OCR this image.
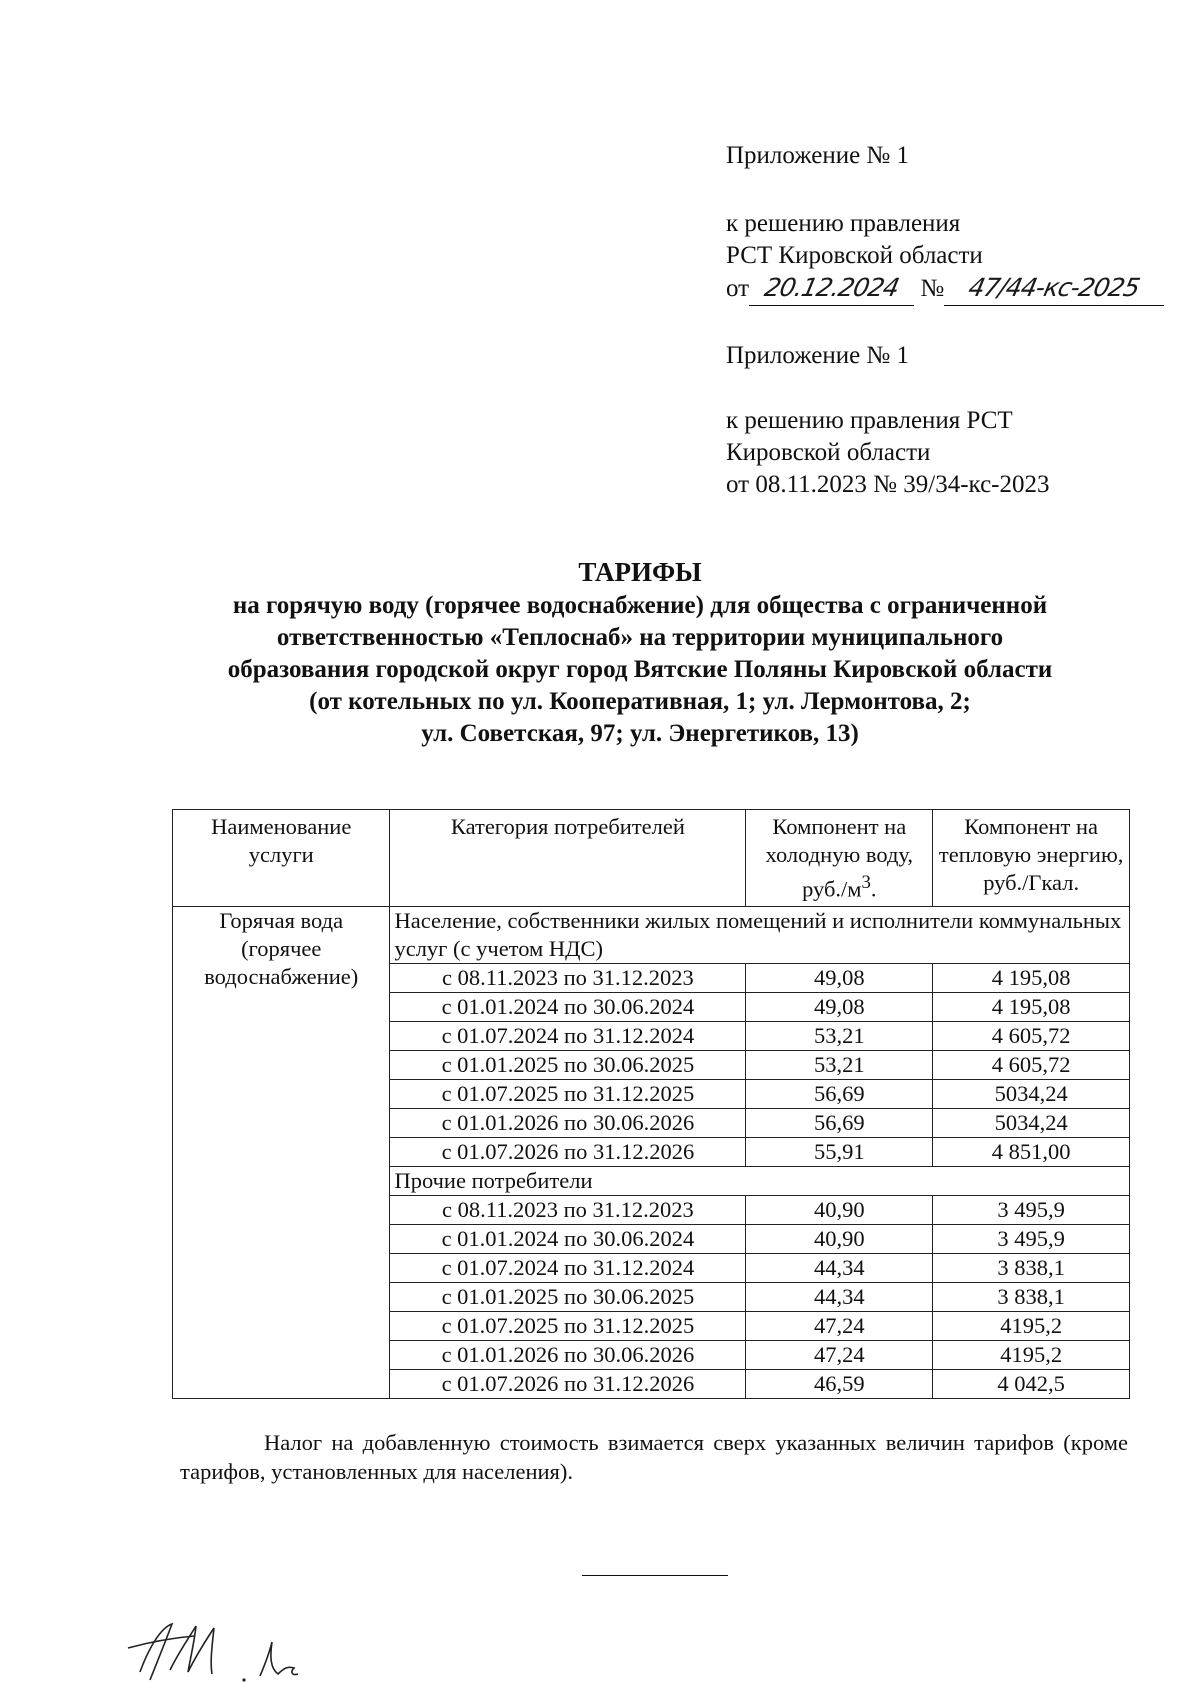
Приложение № 1

к решению правления

РСТ Кировской области

от 20.12.2024 № 47/44-кс-2025

Приложение № 1

к решению правления РСТ

Кировской области

от 08.11.2023 № 39/34-кс-2023

ТАРИФЫ

на горячую воду (горячее водоснабжение) для общества с ограниченной

ответственностью «Теплоснаб» на территории муниципального

образования городской округ город Вятские Поляны Кировской области

(от котельных по ул. Кооперативная, 1; ул. Лермонтова, 2;

ул. Советская, 97; ул. Энергетиков, 13)

Наименование услуги	Категория потребителей	Компонент на холодную воду, $руб./м^3$.	Компонент на тепловую энергию, руб./Гкал.
Горячая вода (горячее водоснабжение)	Население, собственники жилых помещений и исполнители коммунальных услуг (с учетом НДС)		
	с 08.11.2023 по 31.12.2023	49,08	4 195,08
	с 01.01.2024 по 30.06.2024	49,08	4 195,08
	с 01.07.2024 по 31.12.2024	53,21	4 605,72
	с 01.01.2025 по 30.06.2025	53,21	4 605,72
	с 01.07.2025 по 31.12.2025	56,69	5034,24
	с 01.01.2026 по 30.06.2026	56,69	5034,24
	с 01.07.2026 по 31.12.2026	55,91	4 851,00
	Прочие потребители		
	с 08.11.2023 по 31.12.2023	40,90	3 495,9
	с 01.01.2024 по 30.06.2024	40,90	3 495,9
	с 01.07.2024 по 31.12.2024	44,34	3 838,1
	с 01.01.2025 по 30.06.2025	44,34	3 838,1
	с 01.07.2025 по 31.12.2025	47,24	4195,2
	с 01.01.2026 по 30.06.2026	47,24	4195,2
	с 01.07.2026 по 31.12.2026	46,59	4 042,5

Налог на добавленную стоимость взимается сверх указанных величин тарифов (кроме тарифов, установленных для населения).
